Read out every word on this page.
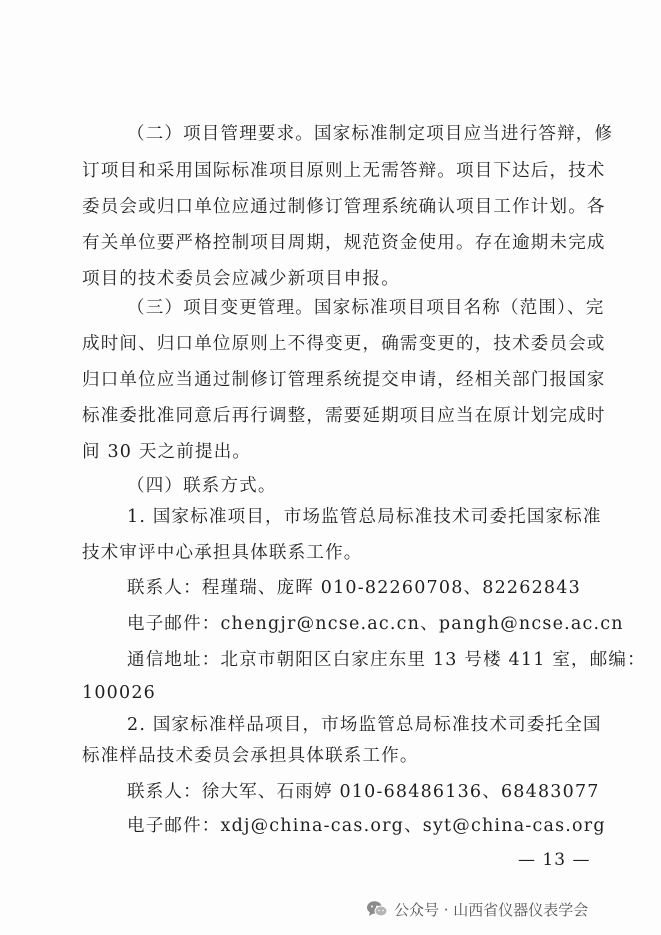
（二）项目管理要求。国家标准制定项目应当进行答辩，修
订项目和采用国际标准项目原则上无需答辩。项目下达后，技术
委员会或归口单位应通过制修订管理系统确认项目工作计划。各
有关单位要严格控制项目周期，规范资金使用。存在逾期未完成
项目的技术委员会应减少新项目申报。
（三）项目变更管理。国家标准项目项目名称（范围）、完
成时间、归口单位原则上不得变更，确需变更的，技术委员会或
归口单位应当通过制修订管理系统提交申请，经相关部门报国家
标准委批准同意后再行调整，需要延期项目应当在原计划完成时
间 30 天之前提出。
（四）联系方式。
1. 国家标准项目，市场监管总局标准技术司委托国家标准
技术审评中心承担具体联系工作。
联系人：程瑾瑞、庞晖 010-82260708、82262843
电子邮件：chengjr@ncse.ac.cn、pangh@ncse.ac.cn
通信地址：北京市朝阳区白家庄东里 13 号楼 411 室，邮编：
100026
2. 国家标准样品项目，市场监管总局标准技术司委托全国
标准样品技术委员会承担具体联系工作。
联系人：徐大军、石雨婷 010-68486136、68483077
电子邮件：xdj@china-cas.org、syt@china-cas.org
— 13 —
公众号 · 山西省仪器仪表学会
